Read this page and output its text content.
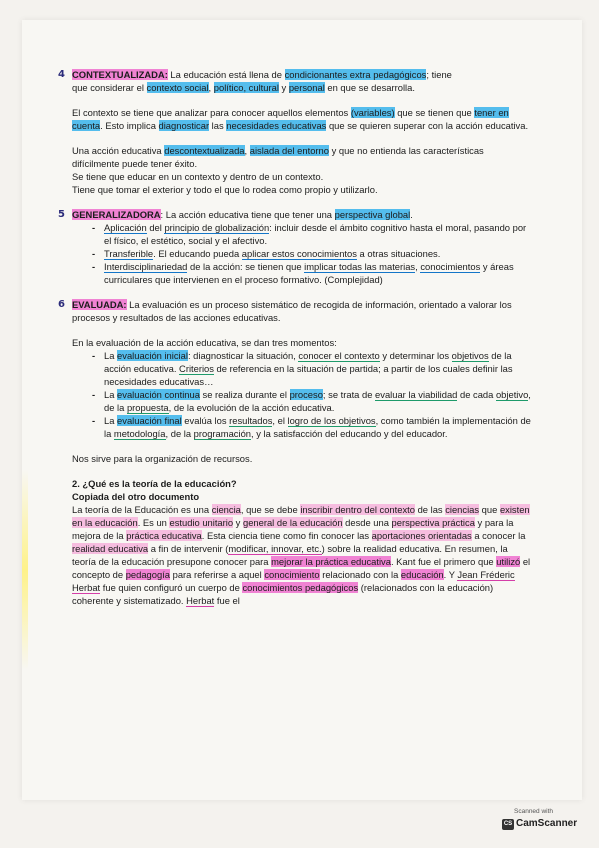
4 CONTEXTUALIZADA: La educación está llena de condicionantes extra pedagógicos; tiene

que considerar el contexto social, político, cultural y personal en que se desarrolla.

El contexto se tiene que analizar para conocer aquellos elementos (variables) que se tienen que tener en cuenta. Esto implica diagnosticar las necesidades educativas que se quieren superar con la acción educativa.

Una acción educativa descontextualizada, aislada del entorno y que no entienda las características difícilmente puede tener éxito.

Se tiene que educar en un contexto y dentro de un contexto.

Tiene que tomar el exterior y todo el que lo rodea como propio y utilizarlo.

5 GENERALIZADORA: La acción educativa tiene que tener una perspectiva global.

- Aplicación del principio de globalización: incluir desde el ámbito cognitivo hasta el moral, pasando por el físico, el estético, social y el afectivo.
- Transferible. El educando pueda aplicar estos conocimientos a otras situaciones.
- Interdisciplinariedad de la acción: se tienen que implicar todas las materias, conocimientos y áreas curriculares que intervienen en el proceso formativo. (Complejidad)
6 EVALUADA: La evaluación es un proceso sistemático de recogida de información, orientado a valorar los procesos y resultados de las acciones educativas.

En la evaluación de la acción educativa, se dan tres momentos:

- La evaluación inicial: diagnosticar la situación, conocer el contexto y determinar los objetivos de la acción educativa. Criterios de referencia en la situación de partida; a partir de los cuales definir las necesidades educativas…
- La evaluación continua se realiza durante el proceso; se trata de evaluar la viabilidad de cada objetivo, de la propuesta, de la evolución de la acción educativa.
- La evaluación final evalúa los resultados, el logro de los objetivos, como también la implementación de la metodología, de la programación, y la satisfacción del educando y del educador.

Nos sirve para la organización de recursos.

2. ¿Qué es la teoría de la educación?

Copiada del otro documento

La teoría de la Educación es una ciencia, que se debe inscribir dentro del contexto de las ciencias que existen en la educación. Es un estudio unitario y general de la educación desde una perspectiva práctica y para la mejora de la práctica educativa. Esta ciencia tiene como fin conocer las aportaciones orientadas a conocer la realidad educativa a fin de intervenir (modificar, innovar, etc.) sobre la realidad educativa. En resumen, la teoría de la educación presupone conocer para mejorar la práctica educativa. Kant fue el primero que utilizó el concepto de pedagogía para referirse a aquel conocimiento relacionado con la educación. Y Jean Fréderic Herbat fue quien configuró un cuerpo de conocimientos pedagógicos (relacionados con la educación) coherente y sistematizado. Herbat fue el

Scanned with
CS CamScanner
